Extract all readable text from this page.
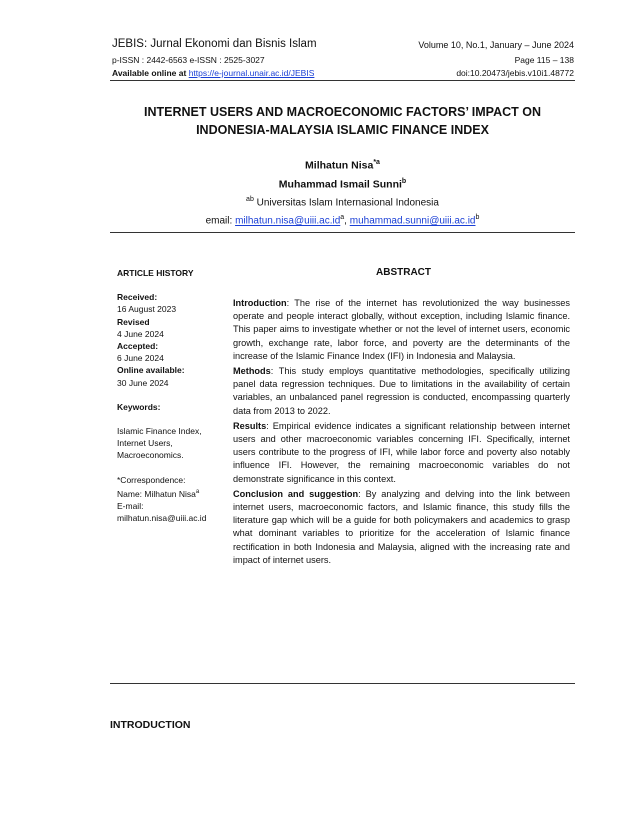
JEBIS: Jurnal Ekonomi dan Bisnis Islam	Volume 10, No.1, January – June 2024
p-ISSN : 2442-6563 e-ISSN : 2525-3027	Page 115 – 138
Available online at https://e-journal.unair.ac.id/JEBIS	doi:10.20473/jebis.v10i1.48772
INTERNET USERS AND MACROECONOMIC FACTORS’ IMPACT ON
INDONESIA-MALAYSIA ISLAMIC FINANCE INDEX
Milhatun Nisa$^{*a}$
Muhammad Ismail Sunni$^b$
$^{ab}$ Universitas Islam Internasional Indonesia
email: $milhatun.nisa@uiii.ac.id^a$, $muhammad.sunni@uiii.ac.id^b$
ARTICLE HISTORY
Received:
16 August 2023
Revised
4 June 2024
Accepted:
6 June 2024
Online available:
30 June 2024
Keywords:
Islamic Finance Index,
Internet Users,
Macroeconomics.
*Correspondence:
Name: Milhatun Nisa$^a$
E-mail:
milhatun.nisa@uiii.ac.id
ABSTRACT

Introduction: The rise of the internet has revolutionized the way businesses operate and people interact globally, without exception, including Islamic finance. This paper aims to investigate whether or not the level of internet users, economic growth, exchange rate, labor force, and poverty are the determinants of the increase of the Islamic Finance Index (IFI) in Indonesia and Malaysia.

Methods: This study employs quantitative methodologies, specifically utilizing panel data regression techniques. Due to limitations in the availability of certain variables, an unbalanced panel regression is conducted, encompassing quarterly data from 2013 to 2022.

Results: Empirical evidence indicates a significant relationship between internet users and other macroeconomic variables concerning IFI. Specifically, internet users contribute to the progress of IFI, while labor force and poverty also notably influence IFI. However, the remaining macroeconomic variables do not demonstrate significance in this context.

Conclusion and suggestion: By analyzing and delving into the link between internet users, macroeconomic factors, and Islamic finance, this study fills the literature gap which will be a guide for both policymakers and academics to grasp what dominant variables to prioritize for the acceleration of Islamic finance rectification in both Indonesia and Malaysia, aligned with the increasing rate and impact of internet users.

INTRODUCTION
